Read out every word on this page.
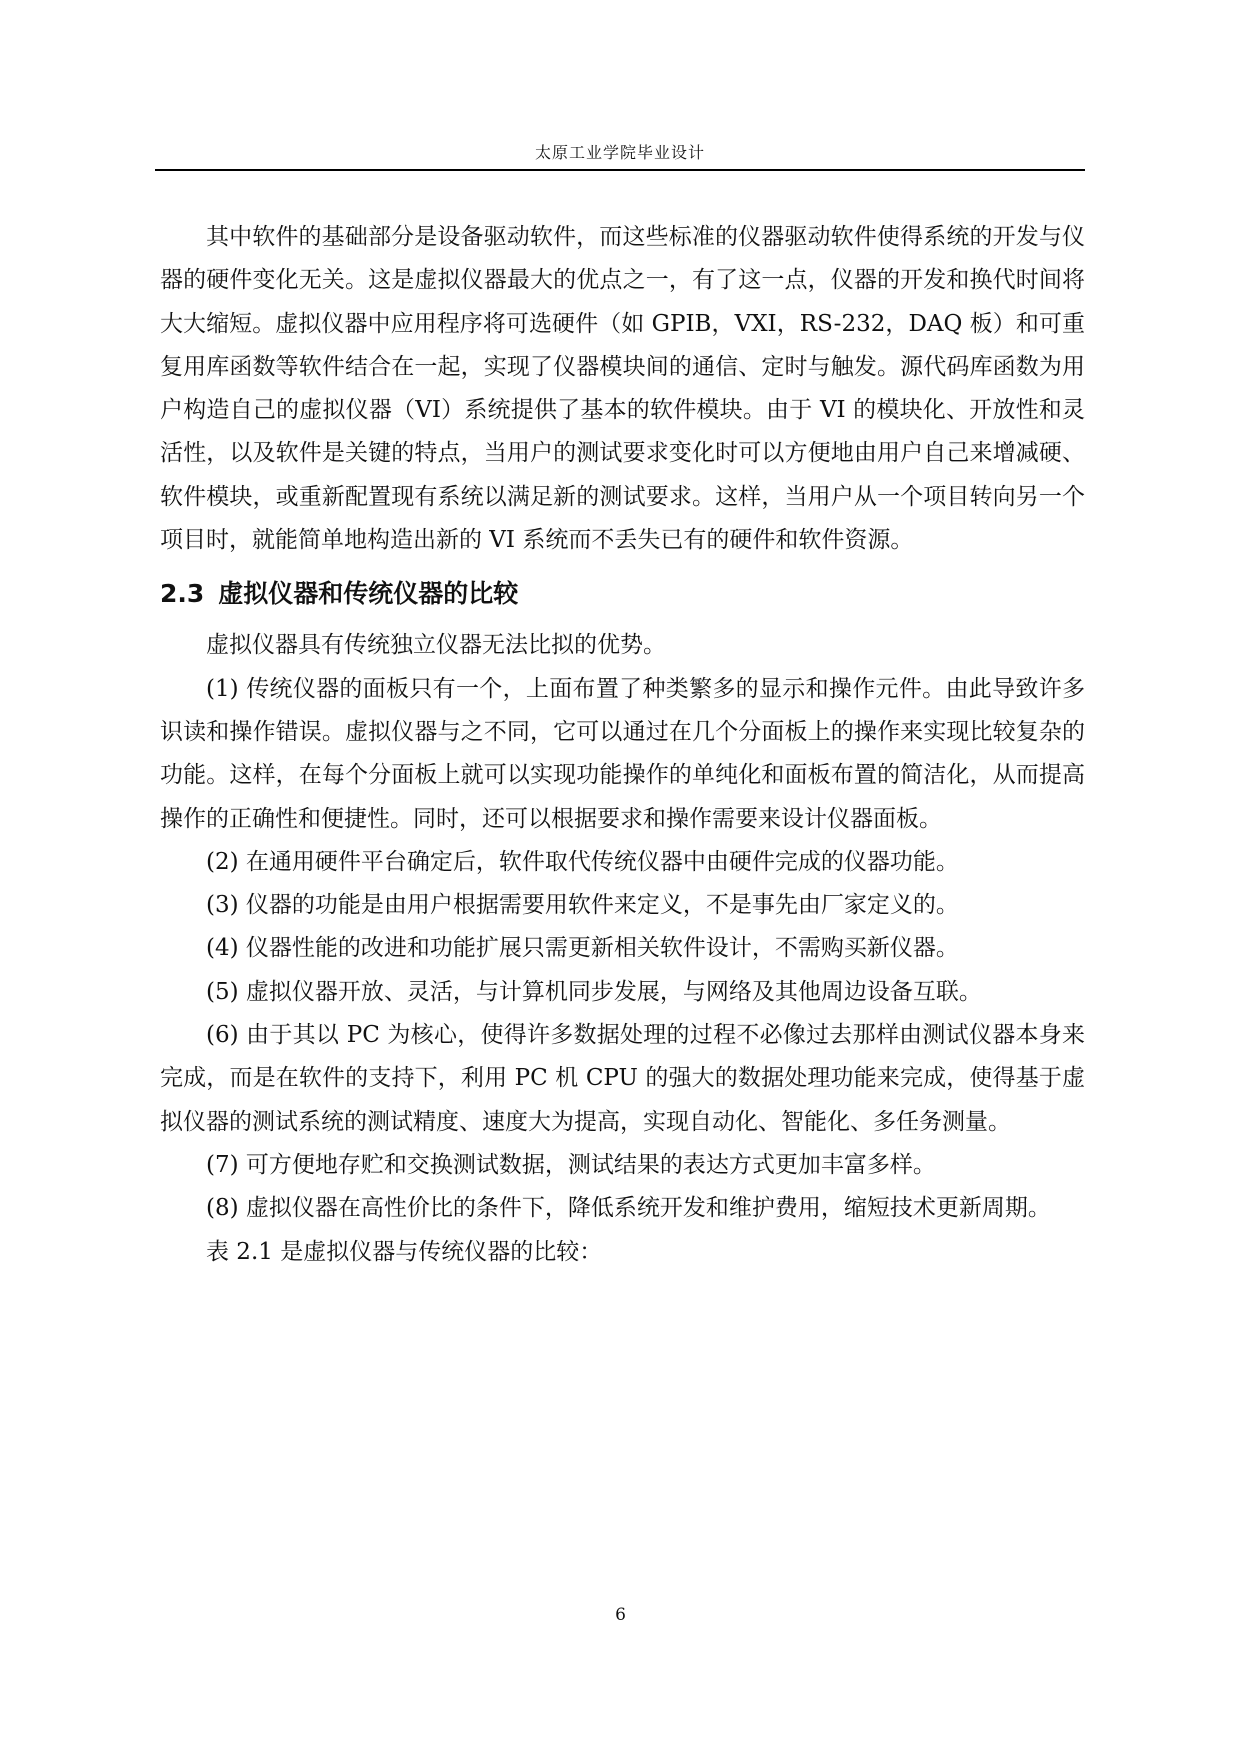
太原工业学院毕业设计

其中软件的基础部分是设备驱动软件，而这些标准的仪器驱动软件使得系统的开发与仪器的硬件变化无关。这是虚拟仪器最大的优点之一，有了这一点，仪器的开发和换代时间将大大缩短。虚拟仪器中应用程序将可选硬件（如 GPIB，VXI，RS-232，DAQ 板）和可重复用库函数等软件结合在一起，实现了仪器模块间的通信、定时与触发。源代码库函数为用户构造自己的虚拟仪器（VI）系统提供了基本的软件模块。由于 VI 的模块化、开放性和灵活性，以及软件是关键的特点，当用户的测试要求变化时可以方便地由用户自己来增减硬、软件模块，或重新配置现有系统以满足新的测试要求。这样，当用户从一个项目转向另一个项目时，就能简单地构造出新的 VI 系统而不丢失已有的硬件和软件资源。

2.3 虚拟仪器和传统仪器的比较

虚拟仪器具有传统独立仪器无法比拟的优势。

(1) 传统仪器的面板只有一个，上面布置了种类繁多的显示和操作元件。由此导致许多识读和操作错误。虚拟仪器与之不同，它可以通过在几个分面板上的操作来实现比较复杂的功能。这样，在每个分面板上就可以实现功能操作的单纯化和面板布置的简洁化，从而提高操作的正确性和便捷性。同时，还可以根据要求和操作需要来设计仪器面板。

(2) 在通用硬件平台确定后，软件取代传统仪器中由硬件完成的仪器功能。

(3) 仪器的功能是由用户根据需要用软件来定义，不是事先由厂家定义的。

(4) 仪器性能的改进和功能扩展只需更新相关软件设计，不需购买新仪器。

(5) 虚拟仪器开放、灵活，与计算机同步发展，与网络及其他周边设备互联。

(6) 由于其以 PC 为核心，使得许多数据处理的过程不必像过去那样由测试仪器本身来完成，而是在软件的支持下，利用 PC 机 CPU 的强大的数据处理功能来完成，使得基于虚拟仪器的测试系统的测试精度、速度大为提高，实现自动化、智能化、多任务测量。

(7) 可方便地存贮和交换测试数据，测试结果的表达方式更加丰富多样。

(8) 虚拟仪器在高性价比的条件下，降低系统开发和维护费用，缩短技术更新周期。

表 2.1 是虚拟仪器与传统仪器的比较：

6
